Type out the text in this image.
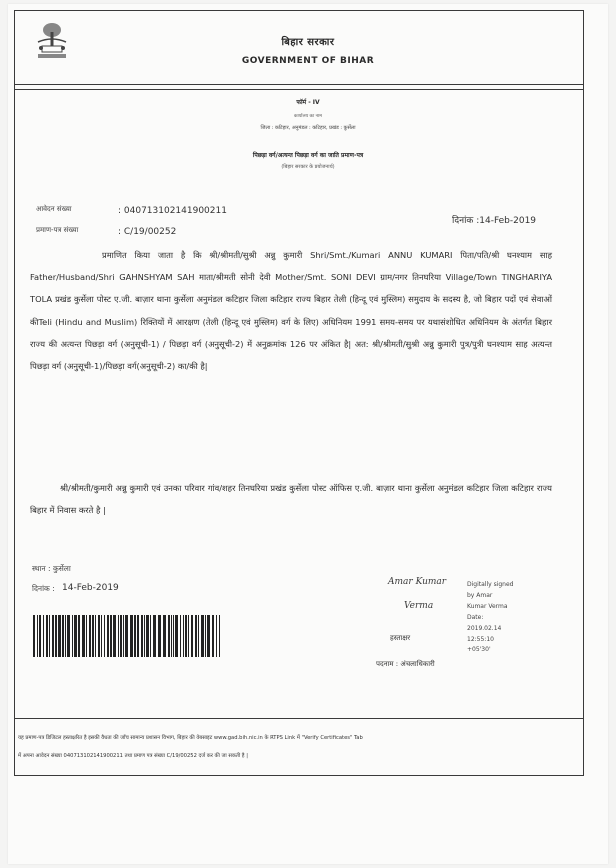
बिहार सरकार
GOVERNMENT OF BIHAR
फॉर्म - IV
कार्यालय का नाम
जिला : कटिहार, अनुमंडल : कटिहार, प्रखंड : कुर्सेला
पिछड़ा वर्ग/अत्यन्त पिछड़ा वर्ग का जाति प्रमाण-पत्र
(बिहार सरकार के प्रयोजनार्थ)
आवेदन संख्या	: 040713102141900211
प्रमाण-पत्र संख्या	: C/19/00252
दिनांक :14-Feb-2019

प्रमाणित किया जाता है कि श्री/श्रीमती/सुश्री अन्नु कुमारी Shri/Smt./Kumari ANNU KUMARI पिता/पति/श्री घनश्याम साह Father/Husband/Shri GAHNSHYAM SAH माता/श्रीमती सोनी देवी Mother/Smt. SONI DEVI ग्राम/नगर तिनघरिया Village/Town TINGHARIYA TOLA प्रखंड कुर्सेला पोस्ट ए.जी. बाज़ार थाना कुर्सेला अनुमंडल कटिहार जिला कटिहार राज्य बिहार तेली (हिन्दू एवं मुस्लिम) समुदाय के सदस्य है, जो बिहार पदों एवं सेवाओं कीTeli (Hindu and Muslim) रिक्तियों में आरक्षण (तेली (हिन्दू एवं मुस्लिम) वर्ग के लिए) अधिनियम 1991 समय-समय पर यथासंशोधित अधिनियम के अंतर्गत बिहार राज्य की अत्यन्त पिछड़ा वर्ग (अनुसूची-1) / पिछड़ा वर्ग (अनुसूची-2) में अनुक्रमांक 126 पर अंकित है| अत: श्री/श्रीमती/सुश्री अन्नु कुमारी पुत्र/पुत्री घनश्याम साह अत्यन्त पिछड़ा वर्ग (अनुसूची-1)/पिछड़ा वर्ग(अनुसूची-2) का/की है|

श्री/श्रीमती/कुमारी अन्नु कुमारी एवं उनका परिवार गांव/शहर तिनघरिया प्रखंड कुर्सेला पोस्ट ऑफिस ए.जी. बाज़ार थाना कुर्सेला अनुमंडल कटिहार जिला कटिहार राज्य बिहार में निवास करते है |

स्थान : कुर्सेला
दिनांक : 14-Feb-2019
Amar Kumar
Verma
Digitally signed
by Amar
Kumar Verma
Date:
2019.02.14
12:55:10
+05'30'
हस्ताक्षर
पदनाम : अंचलाधिकारी
यह प्रमाण-पत्र डिजिटल हस्ताक्षरित है इसकी वैधता की जाँच सामान्य प्रशासन विभाग, बिहार की वेबसाइट www.gad.bih.nic.in के RTPS Link में "Verify Certificates" Tab
में अपना आवेदन संख्या 040713102141900211 तथा प्रमाण पत्र संख्या C/19/00252 दर्ज कर की जा सकती है |
